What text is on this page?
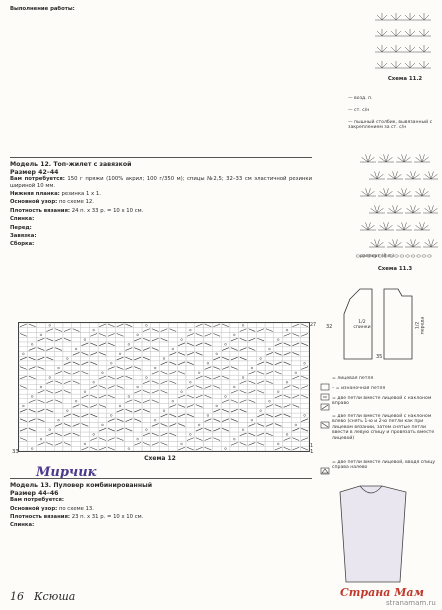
Выполнение работы:

Модель 12. Топ-жилет с завязкой

Размер 42–44

Вам потребуется: 150 г пряжи (100% акрил; 100 г/350 м); спицы №2,5; 32–33 см эластичной резинки шириной 10 мм.

Нижняя планка: резинка 1 x 1.

Основной узор: по схеме 12.

Плотность вязания: 24 п. х 33 р. = 10 х 10 см.

Спинка:

Перед:

Завязка:

Сборка:

33	1
27
1
Схема 12
Мирчик

Модель 13. Пуловер комбинированный

Размер 44–46

Вам потребуется:

Основной узор: по схеме 13.

Плотность вязания: 23 п. х 31 р. = 10 х 10 см.

Спинка:

Схема 11.2
— возд. п.
— ст. с/н
— пышный столбик, вывязанный с закреплением за ст. с/н
раппорт (8 п.)
Схема 11.3
1/2 спинки	1/2 переда
32
35
= лицевая петля
– = изнаночная петля
= две петли вместе лицевой с наклоном вправо
= две петли вместе лицевой с наклоном влево (снять 1-ю и 2-ю петли как при лицевом вязании, затем снятые петли ввести в левую спицу и провязать вместе лицевой)
= две петли вместе лицевой, вводя спицу справа налево
16 Ксюша	Страна Мам
stranamam.ru
